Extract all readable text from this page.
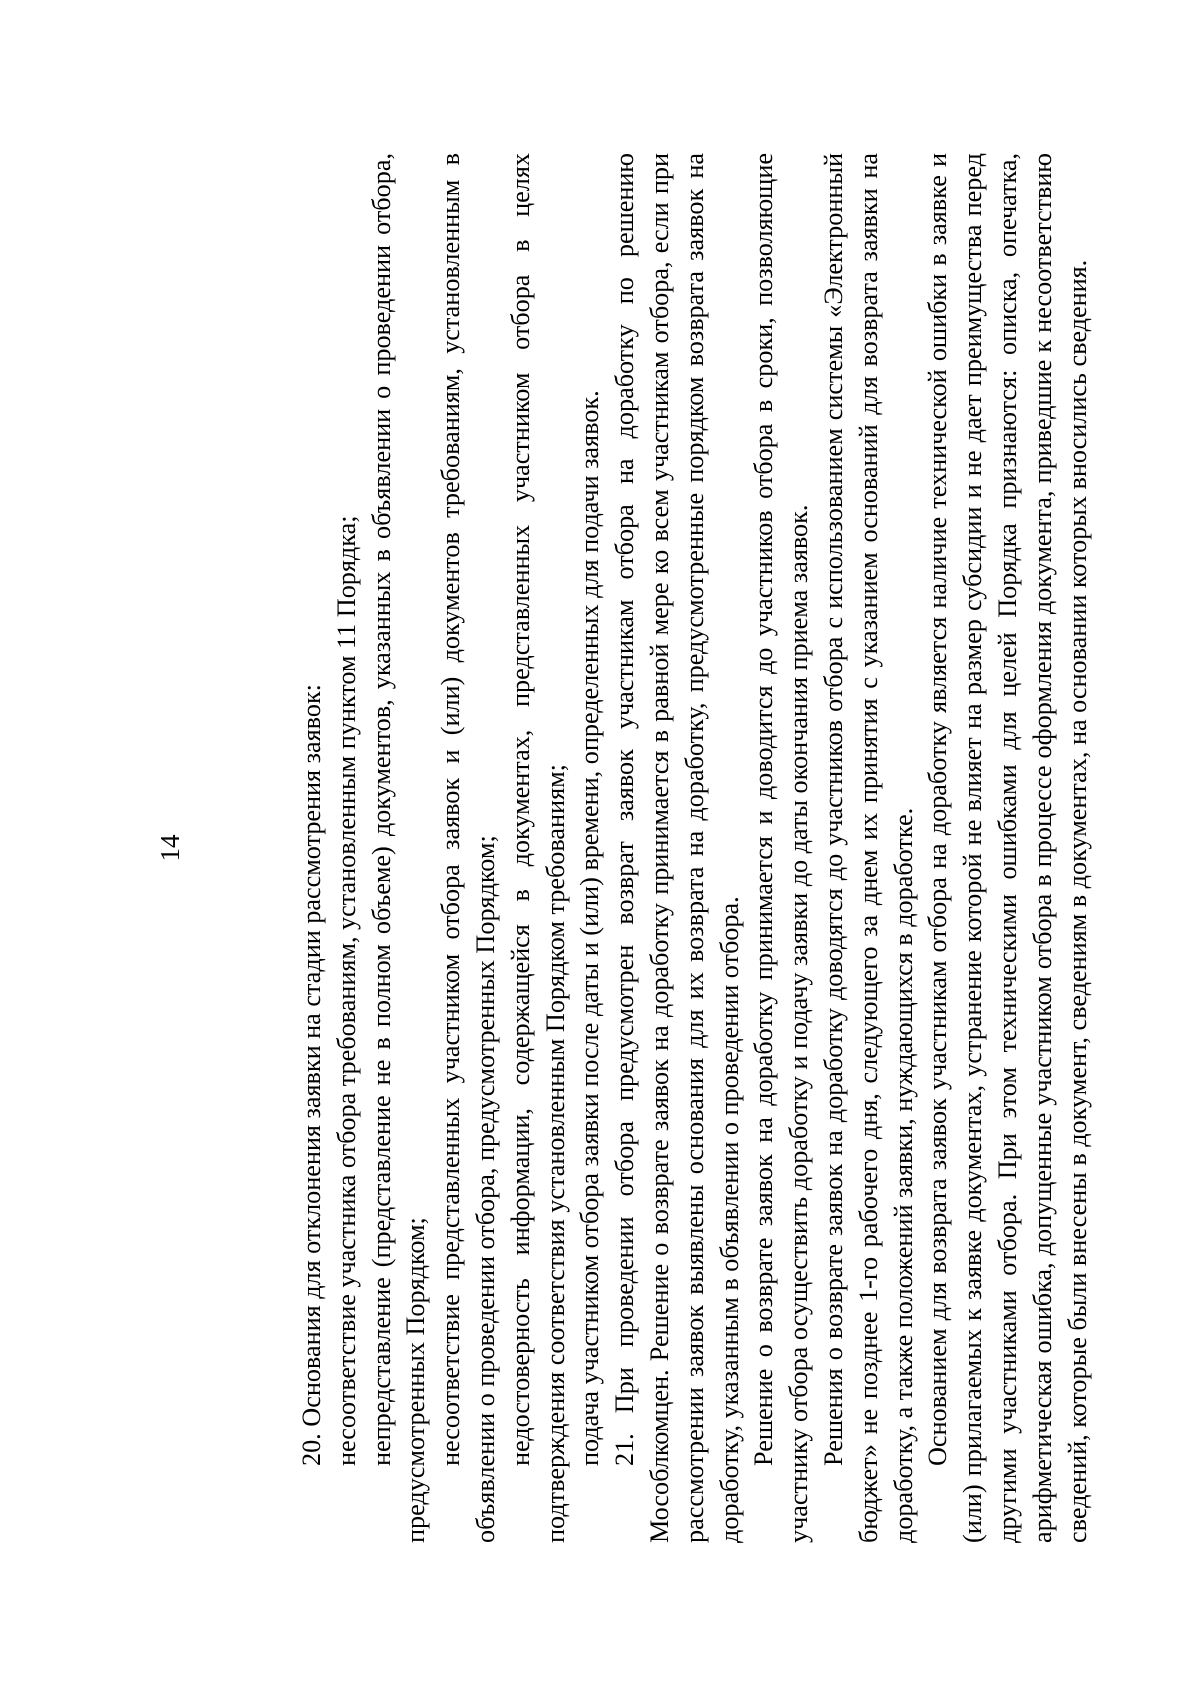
14	20. Основания для отклонения заявки на стадии рассмотрения заявок: несоответствие участника отбора требованиям, установленным пунктом 11 Порядка; непредставление (представление не в полном объеме) документов, указанных в объявлении о проведении отбора, предусмотренных Порядком; несоответствие представленных участником отбора заявок и (или) документов требованиям, установленным в объявлении о проведении отбора, предусмотренных Порядком; недостоверность информации, содержащейся в документах, представленных участником отбора в целях подтверждения соответствия установленным Порядком требованиям; подача участником отбора заявки после даты и (или) времени, определенных для подачи заявок. 21. При проведении отбора предусмотрен возврат заявок участникам отбора на доработку по решению Мособлкомцен. Решение о возврате заявок на доработку принимается в равной мере ко всем участникам отбора, если при рассмотрении заявок выявлены основания для их возврата на доработку, предусмотренные порядком возврата заявок на доработку, указанным в объявлении о проведении отбора. Решение о возврате заявок на доработку принимается и доводится до участников отбора в сроки, позволяющие участнику отбора осуществить доработку и подачу заявки до даты окончания приема заявок. Решения о возврате заявок на доработку доводятся до участников отбора с использованием системы «Электронный бюджет» не позднее 1-го рабочего дня, следующего за днем их принятия с указанием оснований для возврата заявки на доработку, а также положений заявки, нуждающихся в доработке. Основанием для возврата заявок участникам отбора на доработку является наличие технической ошибки в заявке и (или) прилагаемых к заявке документах, устранение которой не влияет на размер субсидии и не дает преимущества перед другими участниками отбора. При этом техническими ошибками для целей Порядка признаются: описка, опечатка, арифметическая ошибка, допущенные участником отбора в процессе оформления документа, приведшие к несоответствию сведений, которые были внесены в документ, сведениям в документах, на основании которых вносились сведения.
